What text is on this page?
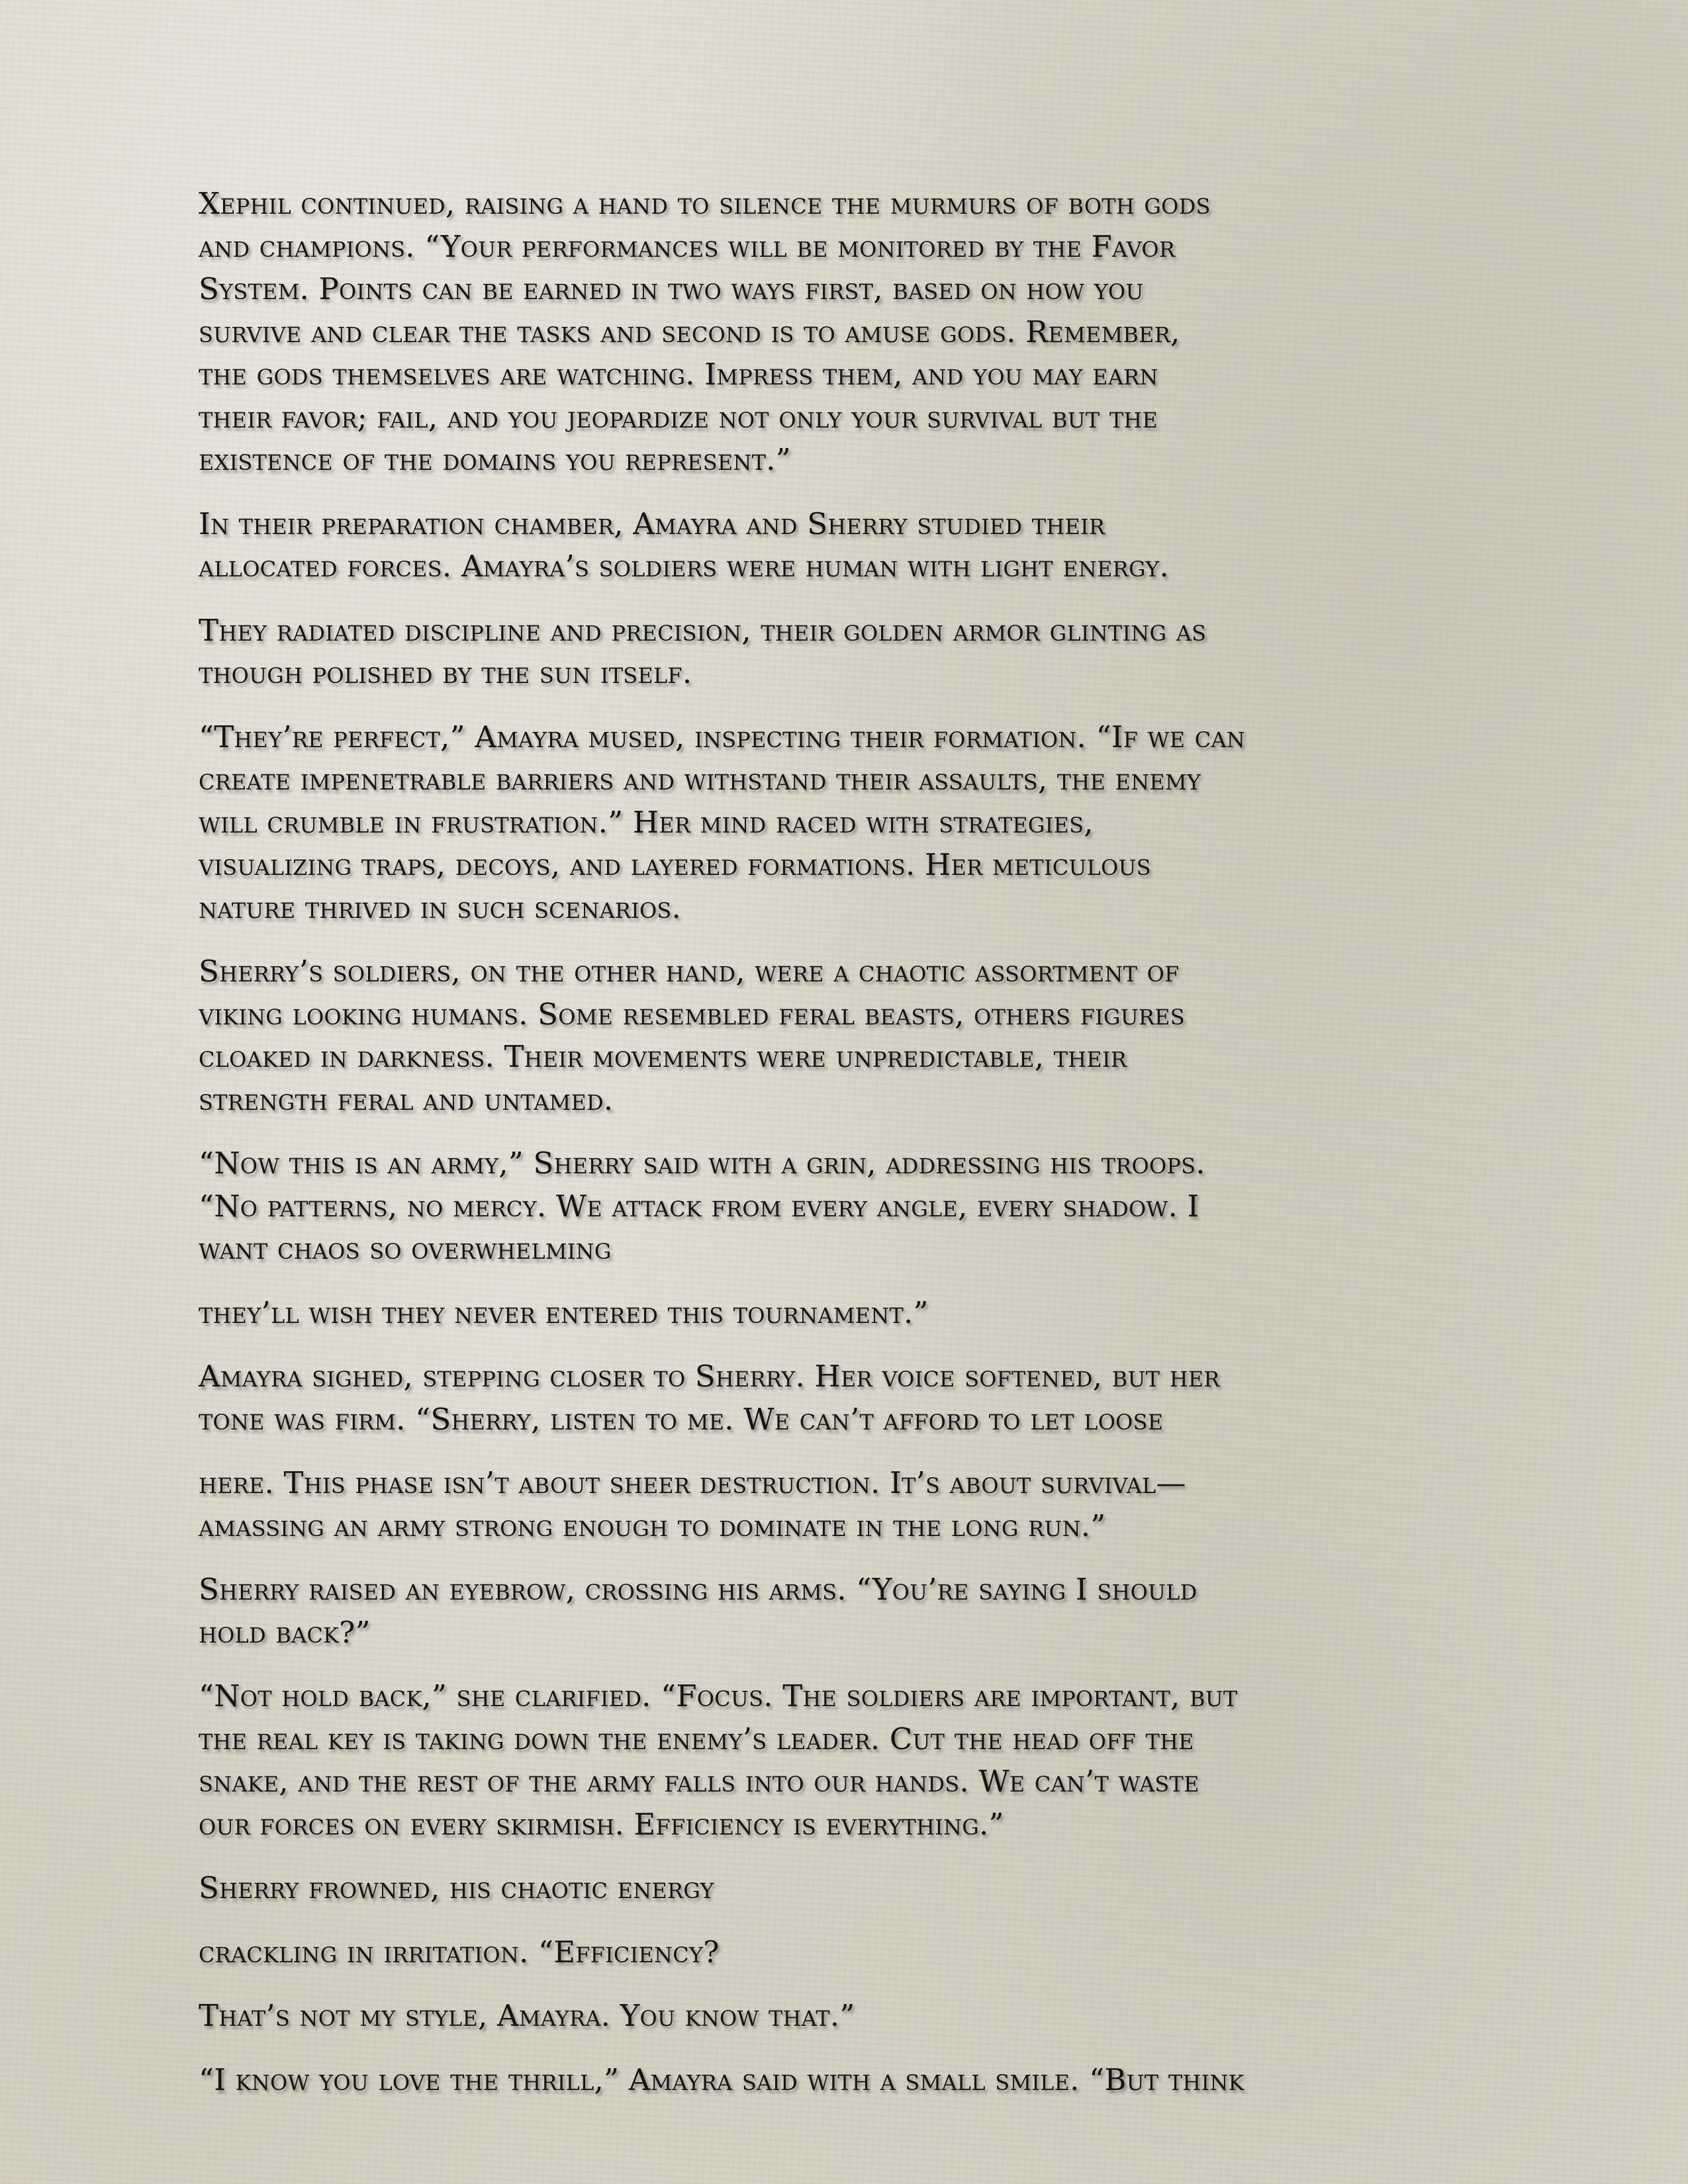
Xephil continued, raising a hand to silence the murmurs of both gods
and champions. “Your performances will be monitored by the Favor
System. Points can be earned in two ways first, based on how you
survive and clear the tasks and second is to amuse gods. Remember,
the gods themselves are watching. Impress them, and you may earn
their favor; fail, and you jeopardize not only your survival but the
existence of the domains you represent.”

In their preparation chamber, Amayra and Sherry studied their
allocated forces. Amayra’s soldiers were human with light energy.

They radiated discipline and precision, their golden armor glinting as
though polished by the sun itself.

“They’re perfect,” Amayra mused, inspecting their formation. “If we can
create impenetrable barriers and withstand their assaults, the enemy
will crumble in frustration.” Her mind raced with strategies,
visualizing traps, decoys, and layered formations. Her meticulous
nature thrived in such scenarios.

Sherry’s soldiers, on the other hand, were a chaotic assortment of
viking looking humans. Some resembled feral beasts, others figures
cloaked in darkness. Their movements were unpredictable, their
strength feral and untamed.

“Now this is an army,” Sherry said with a grin, addressing his troops.
“No patterns, no mercy. We attack from every angle, every shadow. I
want chaos so overwhelming

they’ll wish they never entered this tournament.”

Amayra sighed, stepping closer to Sherry. Her voice softened, but her
tone was firm. “Sherry, listen to me. We can’t afford to let loose

here. This phase isn’t about sheer destruction. It’s about survival—
amassing an army strong enough to dominate in the long run.”

Sherry raised an eyebrow, crossing his arms. “You’re saying I should
hold back?”

“Not hold back,” she clarified. “Focus. The soldiers are important, but
the real key is taking down the enemy’s leader. Cut the head off the
snake, and the rest of the army falls into our hands. We can’t waste
our forces on every skirmish. Efficiency is everything.”

Sherry frowned, his chaotic energy

crackling in irritation. “Efficiency?

That’s not my style, Amayra. You know that.”

“I know you love the thrill,” Amayra said with a small smile. “But think
